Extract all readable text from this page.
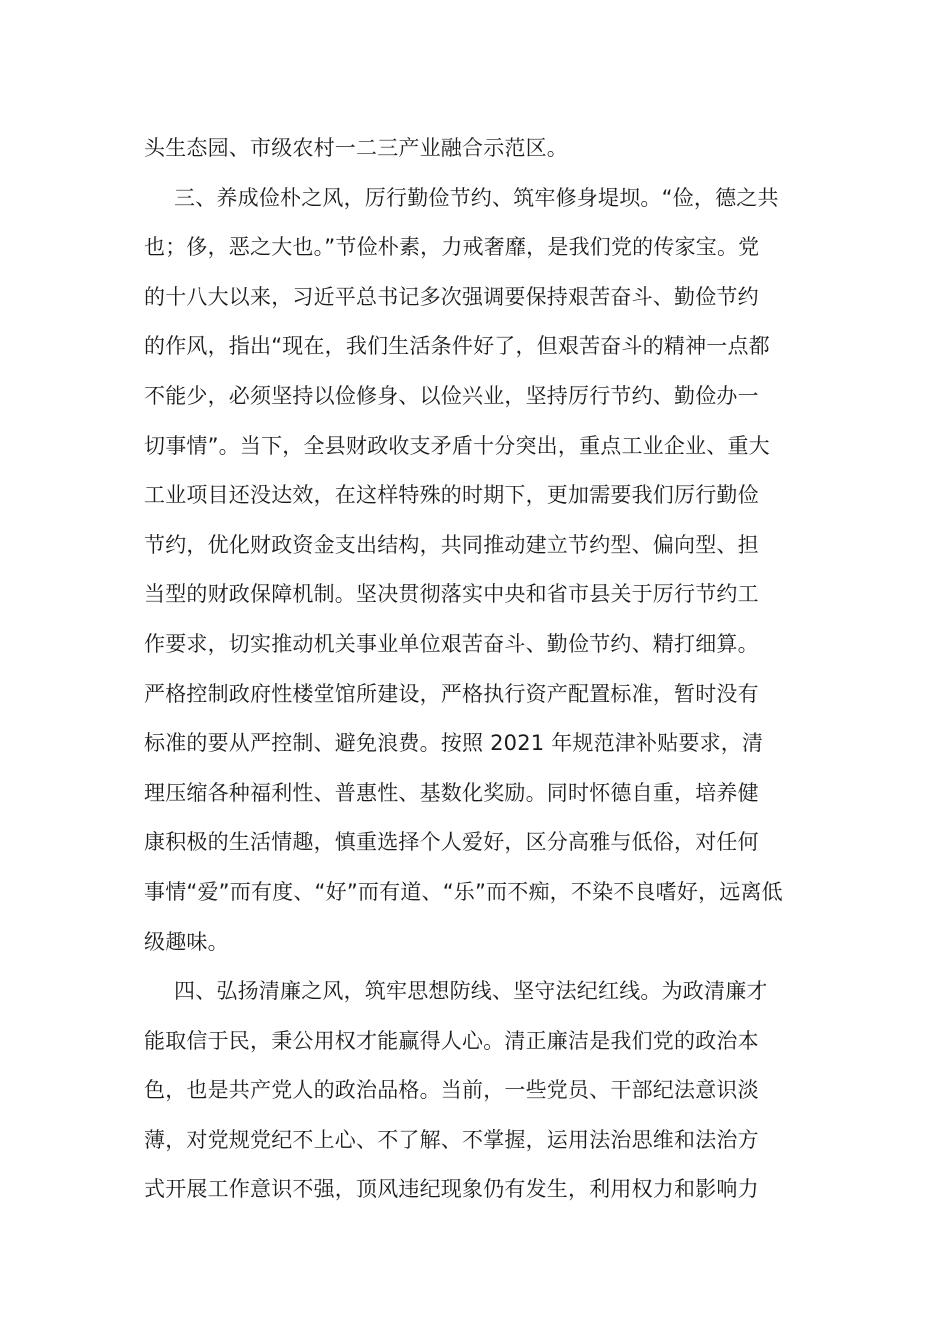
头生态园、市级农村一二三产业融合示范区。
三、养成俭朴之风，厉行勤俭节约、筑牢修身堤坝。“俭，德之共
也；侈，恶之大也。”节俭朴素，力戒奢靡，是我们党的传家宝。党
的十八大以来，习近平总书记多次强调要保持艰苦奋斗、勤俭节约
的作风，指出“现在，我们生活条件好了，但艰苦奋斗的精神一点都
不能少，必须坚持以俭修身、以俭兴业，坚持厉行节约、勤俭办一
切事情”。当下，全县财政收支矛盾十分突出，重点工业企业、重大
工业项目还没达效，在这样特殊的时期下，更加需要我们厉行勤俭
节约，优化财政资金支出结构，共同推动建立节约型、偏向型、担
当型的财政保障机制。坚决贯彻落实中央和省市县关于厉行节约工
作要求，切实推动机关事业单位艰苦奋斗、勤俭节约、精打细算。
严格控制政府性楼堂馆所建设，严格执行资产配置标准，暂时没有
标准的要从严控制、避免浪费。按照 2021 年规范津补贴要求，清
理压缩各种福利性、普惠性、基数化奖励。同时怀德自重，培养健
康积极的生活情趣，慎重选择个人爱好，区分高雅与低俗，对任何
事情“爱”而有度、“好”而有道、“乐”而不痴，不染不良嗜好，远离低
级趣味。
四、弘扬清廉之风，筑牢思想防线、坚守法纪红线。为政清廉才
能取信于民，秉公用权才能赢得人心。清正廉洁是我们党的政治本
色，也是共产党人的政治品格。当前，一些党员、干部纪法意识淡
薄，对党规党纪不上心、不了解、不掌握，运用法治思维和法治方
式开展工作意识不强，顶风违纪现象仍有发生，利用权力和影响力
